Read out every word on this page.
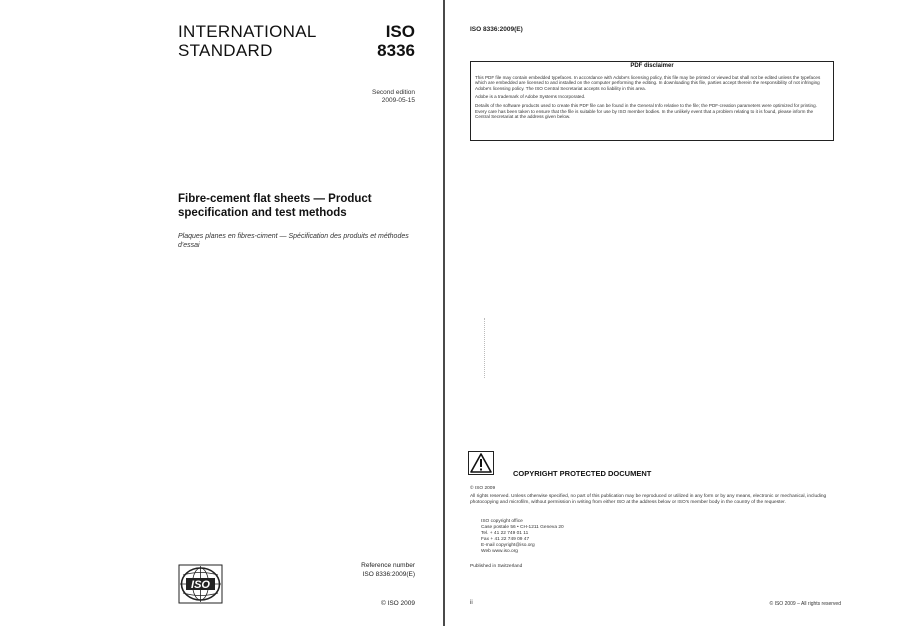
INTERNATIONAL
STANDARD
ISO
8336
Second edition
2009-05-15
Fibre-cement flat sheets — Product specification and test methods
Plaques planes en fibres-ciment — Spécification des produits et méthodes d'essai
ISO
Reference number
ISO 8336:2009(E)
© ISO 2009
ISO 8336:2009(E)
PDF disclaimer

This PDF file may contain embedded typefaces. In accordance with Adobe's licensing policy, this file may be printed or viewed but shall not be edited unless the typefaces which are embedded are licensed to and installed on the computer performing the editing. In downloading this file, parties accept therein the responsibility of not infringing Adobe's licensing policy. The ISO Central Secretariat accepts no liability in this area.

Adobe is a trademark of Adobe Systems Incorporated.

Details of the software products used to create this PDF file can be found in the General Info relative to the file; the PDF-creation parameters were optimized for printing. Every care has been taken to ensure that the file is suitable for use by ISO member bodies. In the unlikely event that a problem relating to it is found, please inform the Central Secretariat at the address given below.

COPYRIGHT PROTECTED DOCUMENT
© ISO 2009
All rights reserved. Unless otherwise specified, no part of this publication may be reproduced or utilized in any form or by any means, electronic or mechanical, including photocopying and microfilm, without permission in writing from either ISO at the address below or ISO's member body in the country of the requester.
ISO copyright office
Case postale 56 • CH-1211 Geneva 20
Tel. + 41 22 749 01 11
Fax + 41 22 749 09 47
E-mail copyright@iso.org
Web www.iso.org
Published in Switzerland
ii	© ISO 2009 – All rights reserved
